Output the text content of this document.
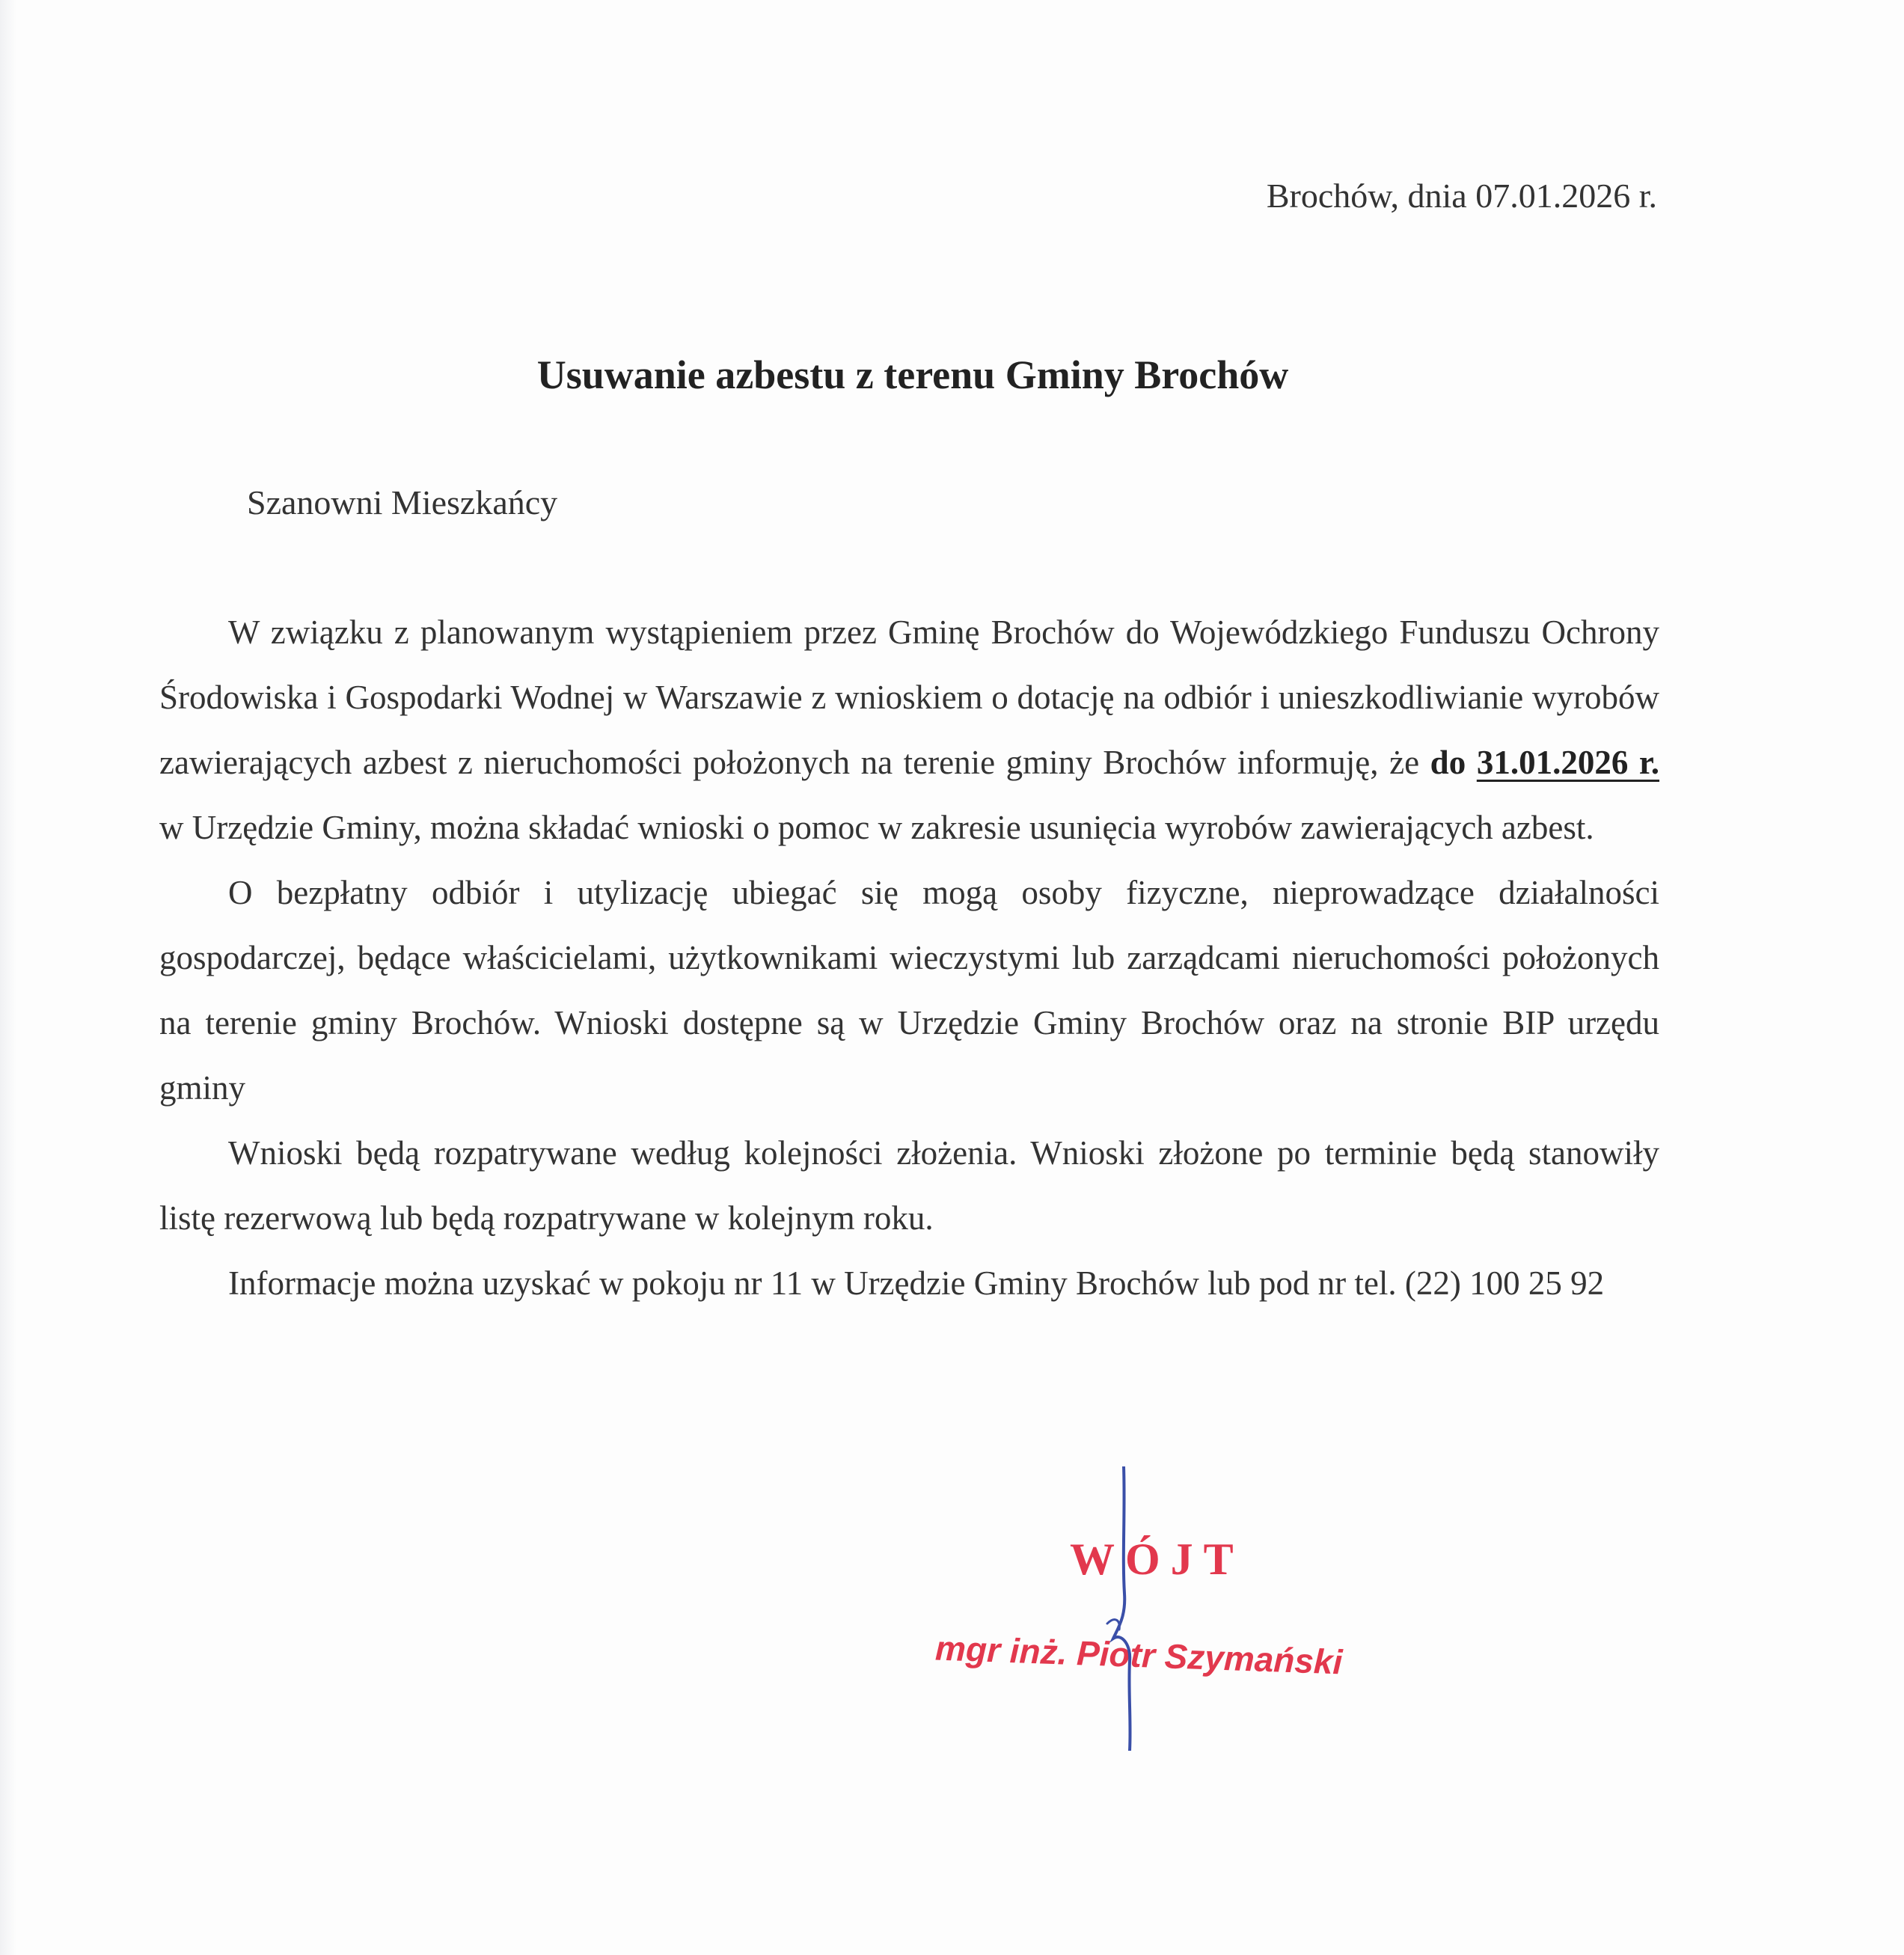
Brochów, dnia 07.01.2026 r.
Usuwanie azbestu z terenu Gminy Brochów
Szanowni Mieszkańcy

W związku z planowanym wystąpieniem przez Gminę Brochów do Wojewódzkiego Funduszu Ochrony Środowiska i Gospodarki Wodnej w Warszawie z wnioskiem o dotację na odbiór i unieszkodliwianie wyrobów zawierających azbest z nieruchomości położonych na terenie gminy Brochów informuję, że do 31.01.2026 r. w Urzędzie Gminy, można składać wnioski o pomoc w zakresie usunięcia wyrobów zawierających azbest.

O bezpłatny odbiór i utylizację ubiegać się mogą osoby fizyczne, nieprowadzące działalności gospodarczej, będące właścicielami, użytkownikami wieczystymi lub zarządcami nieruchomości położonych na terenie gminy Brochów. Wnioski dostępne są w Urzędzie Gminy Brochów oraz na stronie BIP urzędu gminy

Wnioski będą rozpatrywane według kolejności złożenia. Wnioski złożone po terminie będą stanowiły listę rezerwową lub będą rozpatrywane w kolejnym roku.

Informacje można uzyskać w pokoju nr 11 w Urzędzie Gminy Brochów lub pod nr tel. (22) 100 25 92

WÓJT
mgr inż. Piotr Szymański
